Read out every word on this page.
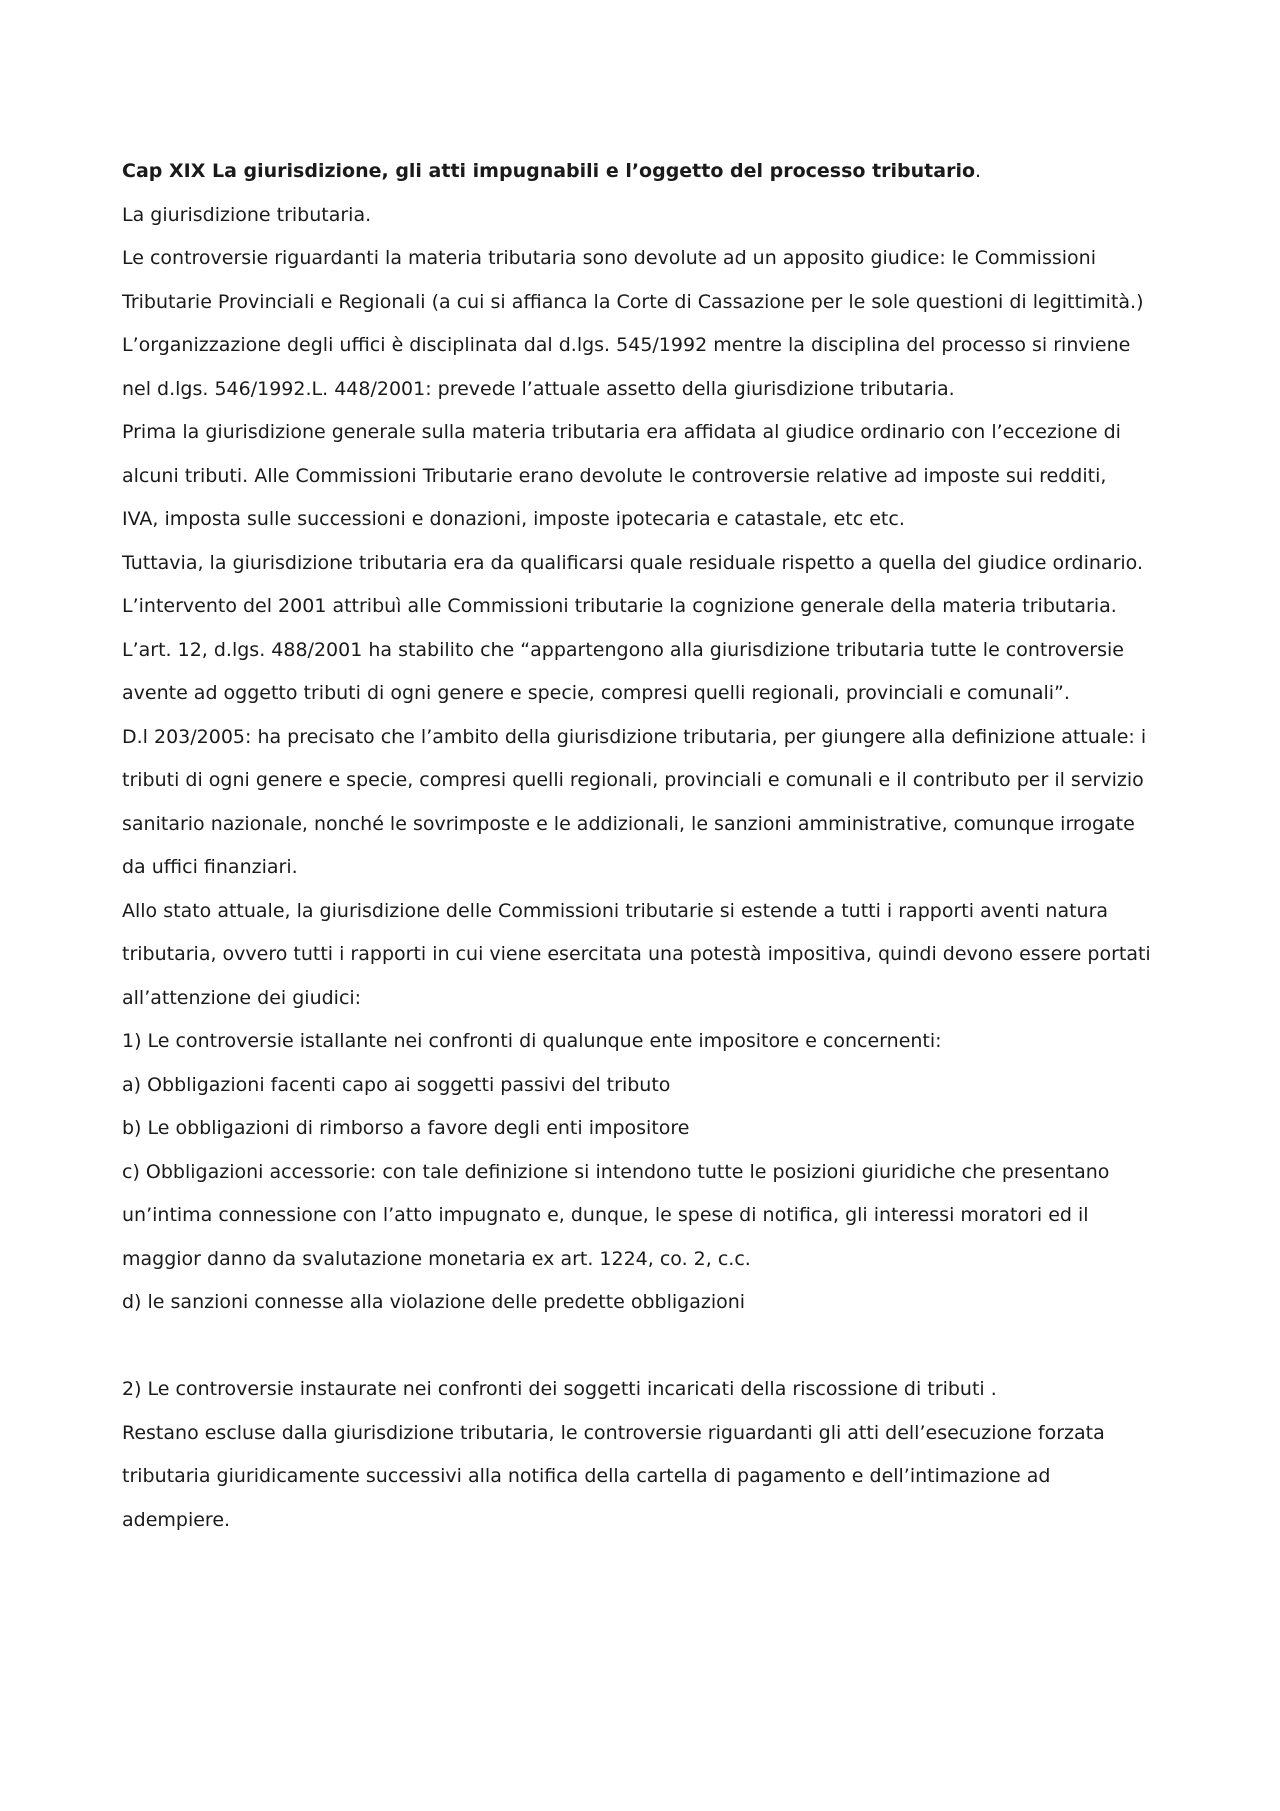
Cap XIX La giurisdizione, gli atti impugnabili e l’oggetto del processo tributario.

La giurisdizione tributaria.

Le controversie riguardanti la materia tributaria sono devolute ad un apposito giudice: le Commissioni

Tributarie Provinciali e Regionali (a cui si affianca la Corte di Cassazione per le sole questioni di legittimità.)

L’organizzazione degli uffici è disciplinata dal d.lgs. 545/1992 mentre la disciplina del processo si rinviene

nel d.lgs. 546/1992.L. 448/2001: prevede l’attuale assetto della giurisdizione tributaria.

Prima la giurisdizione generale sulla materia tributaria era affidata al giudice ordinario con l’eccezione di

alcuni tributi. Alle Commissioni Tributarie erano devolute le controversie relative ad imposte sui redditi,

IVA, imposta sulle successioni e donazioni, imposte ipotecaria e catastale, etc etc.

Tuttavia, la giurisdizione tributaria era da qualificarsi quale residuale rispetto a quella del giudice ordinario.

L’intervento del 2001 attribuì alle Commissioni tributarie la cognizione generale della materia tributaria.

L’art. 12, d.lgs. 488/2001 ha stabilito che “appartengono alla giurisdizione tributaria tutte le controversie

avente ad oggetto tributi di ogni genere e specie, compresi quelli regionali, provinciali e comunali”.

D.l 203/2005: ha precisato che l’ambito della giurisdizione tributaria, per giungere alla definizione attuale: i

tributi di ogni genere e specie, compresi quelli regionali, provinciali e comunali e il contributo per il servizio

sanitario nazionale, nonché le sovrimposte e le addizionali, le sanzioni amministrative, comunque irrogate

da uffici finanziari.

Allo stato attuale, la giurisdizione delle Commissioni tributarie si estende a tutti i rapporti aventi natura

tributaria, ovvero tutti i rapporti in cui viene esercitata una potestà impositiva, quindi devono essere portati

all’attenzione dei giudici:

1) Le controversie istallante nei confronti di qualunque ente impositore e concernenti:

a) Obbligazioni facenti capo ai soggetti passivi del tributo

b) Le obbligazioni di rimborso a favore degli enti impositore

c) Obbligazioni accessorie: con tale definizione si intendono tutte le posizioni giuridiche che presentano

un’intima connessione con l’atto impugnato e, dunque, le spese di notifica, gli interessi moratori ed il

maggior danno da svalutazione monetaria ex art. 1224, co. 2, c.c.

d) le sanzioni connesse alla violazione delle predette obbligazioni

2) Le controversie instaurate nei confronti dei soggetti incaricati della riscossione di tributi .

Restano escluse dalla giurisdizione tributaria, le controversie riguardanti gli atti dell’esecuzione forzata

tributaria giuridicamente successivi alla notifica della cartella di pagamento e dell’intimazione ad

adempiere.
